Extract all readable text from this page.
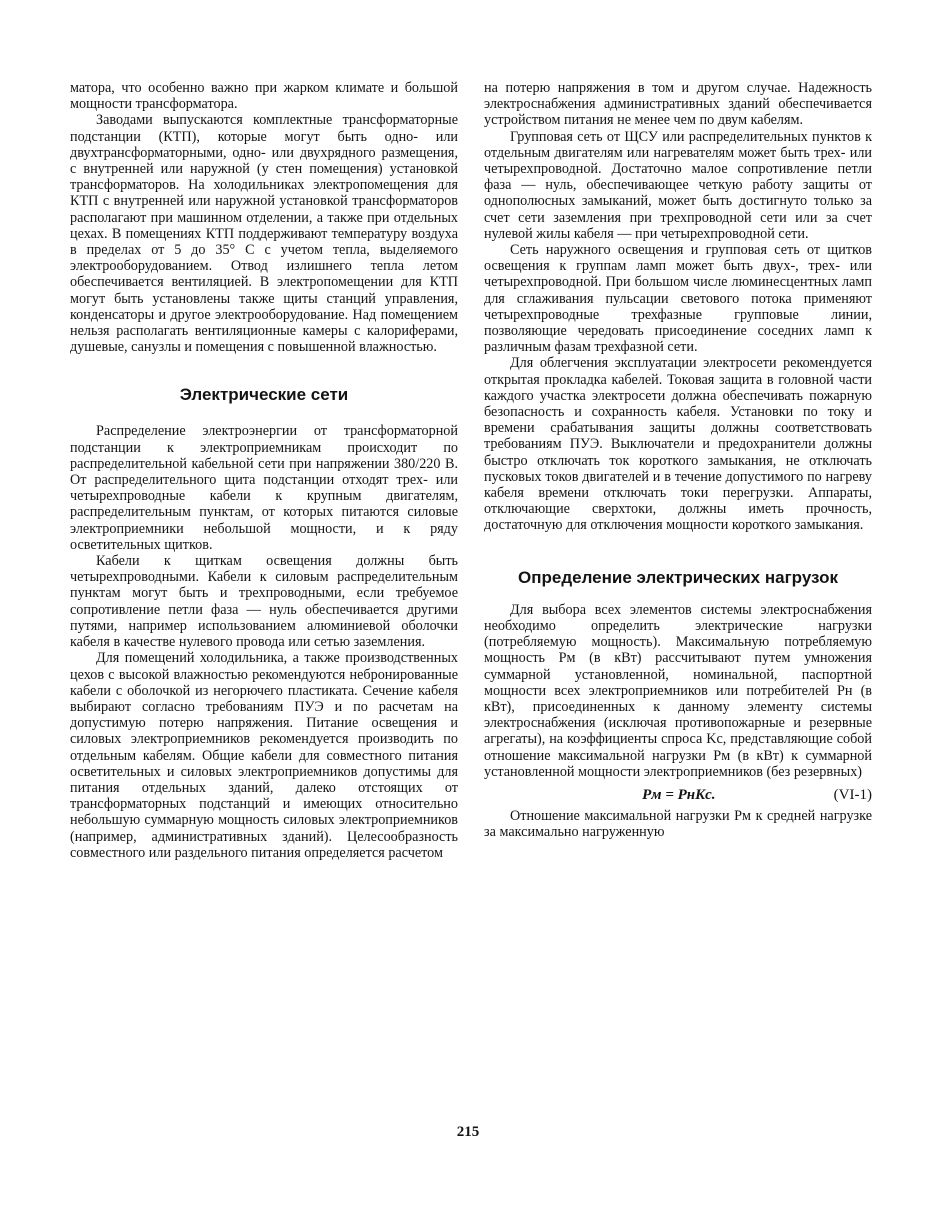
матора, что особенно важно при жарком климате и большой мощности трансформатора.

Заводами выпускаются комплектные трансформаторные подстанции (КТП), которые могут быть одно- или двухтрансформаторными, одно- или двухрядного размещения, с внутренней или наружной (у стен помещения) установкой трансформаторов. На холодильниках электропомещения для КТП с внутренней или наружной установкой трансформаторов располагают при машинном отделении, а также при отдельных цехах. В помещениях КТП поддерживают температуру воздуха в пределах от 5 до 35° С с учетом тепла, выделяемого электрооборудованием. Отвод излишнего тепла летом обеспечивается вентиляцией. В электропомещении для КТП могут быть установлены также щиты станций управления, конденсаторы и другое электрооборудование. Над помещением нельзя располагать вентиляционные камеры с калориферами, душевые, санузлы и помещения с повышенной влажностью.

Электрические сети

Распределение электроэнергии от трансформаторной подстанции к электроприемникам происходит по распределительной кабельной сети при напряжении 380/220 В. От распределительного щита подстанции отходят трех- или четырехпроводные кабели к крупным двигателям, распределительным пунктам, от которых питаются силовые электроприемники небольшой мощности, и к ряду осветительных щитков.

Кабели к щиткам освещения должны быть четырехпроводными. Кабели к силовым распределительным пунктам могут быть и трехпроводными, если требуемое сопротивление петли фаза — нуль обеспечивается другими путями, например использованием алюминиевой оболочки кабеля в качестве нулевого провода или сетью заземления.

Для помещений холодильника, а также производственных цехов с высокой влажностью рекомендуются небронированные кабели с оболочкой из негорючего пластиката. Сечение кабеля выбирают согласно требованиям ПУЭ и по расчетам на допустимую потерю напряжения. Питание освещения и силовых электроприемников рекомендуется производить по отдельным кабелям. Общие кабели для совместного питания осветительных и силовых электроприемников допустимы для питания отдельных зданий, далеко отстоящих от трансформаторных подстанций и имеющих относительно небольшую суммарную мощность силовых электроприемников (например, административных зданий). Целесообразность совместного или раздельного питания определяется расчетом

на потерю напряжения в том и другом случае. Надежность электроснабжения административных зданий обеспечивается устройством питания не менее чем по двум кабелям.

Групповая сеть от ЩСУ или распределительных пунктов к отдельным двигателям или нагревателям может быть трех- или четырехпроводной. Достаточно малое сопротивление петли фаза — нуль, обеспечивающее четкую работу защиты от однополюсных замыканий, может быть достигнуто только за счет сети заземления при трехпроводной сети или за счет нулевой жилы кабеля — при четырехпроводной сети.

Сеть наружного освещения и групповая сеть от щитков освещения к группам ламп может быть двух-, трех- или четырехпроводной. При большом числе люминесцентных ламп для сглаживания пульсации светового потока применяют четырехпроводные трехфазные групповые линии, позволяющие чередовать присоединение соседних ламп к различным фазам трехфазной сети.

Для облегчения эксплуатации электросети рекомендуется открытая прокладка кабелей. Токовая защита в головной части каждого участка электросети должна обеспечивать пожарную безопасность и сохранность кабеля. Установки по току и времени срабатывания защиты должны соответствовать требованиям ПУЭ. Выключатели и предохранители должны быстро отключать ток короткого замыкания, не отключать пусковых токов двигателей и в течение допустимого по нагреву кабеля времени отключать токи перегрузки. Аппараты, отключающие сверхтоки, должны иметь прочность, достаточную для отключения мощности короткого замыкания.

Определение электрических нагрузок

Для выбора всех элементов системы электроснабжения необходимо определить электрические нагрузки (потребляемую мощность). Максимальную потребляемую мощность Pм (в кВт) рассчитывают путем умножения суммарной установленной, номинальной, паспортной мощности всех электроприемников или потребителей Pн (в кВт), присоединенных к данному элементу системы электроснабжения (исключая противопожарные и резервные агрегаты), на коэффициенты спроса Kс, представляющие собой отношение максимальной нагрузки Pм (в кВт) к суммарной установленной мощности электроприемников (без резервных)

Pм = PнKс.	(VI-1)

Отношение максимальной нагрузки Pм к средней нагрузке за максимально нагруженную

215
